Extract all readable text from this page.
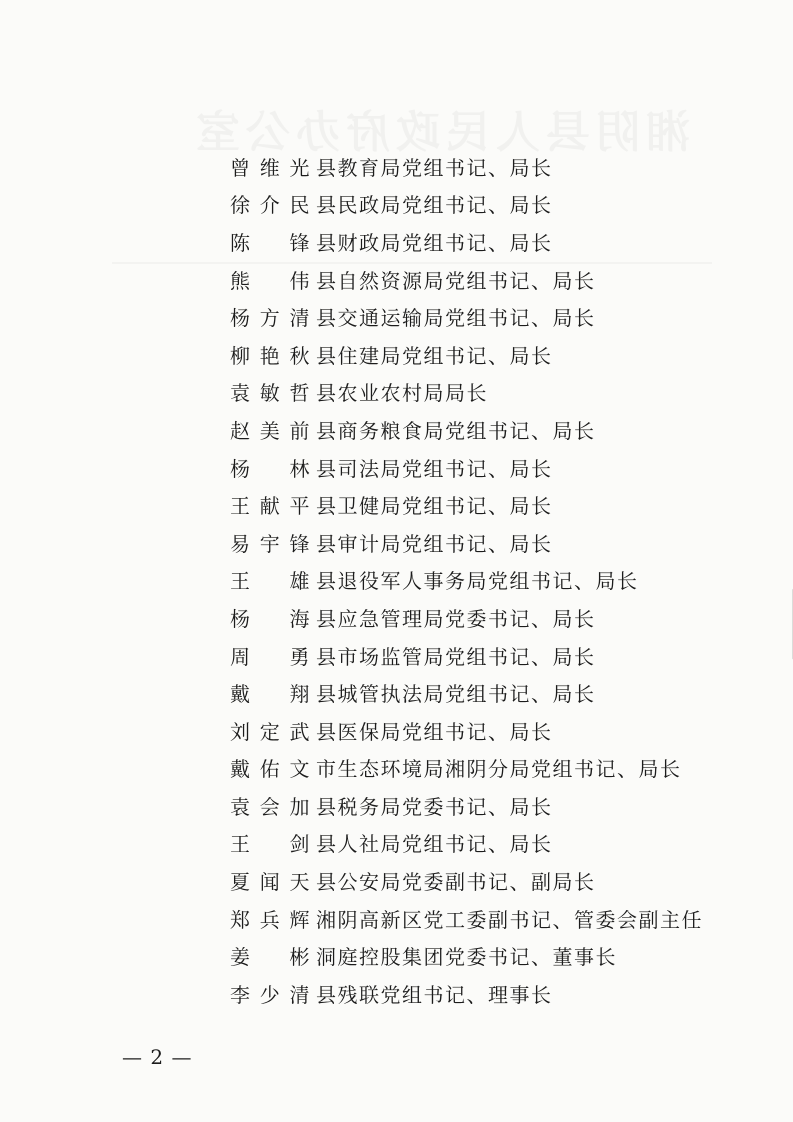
曾维光 县教育局党组书记、局长
徐介民 县民政局党组书记、局长
陈锋 县财政局党组书记、局长
熊伟 县自然资源局党组书记、局长
杨方清 县交通运输局党组书记、局长
柳艳秋 县住建局党组书记、局长
袁敏哲 县农业农村局局长
赵美前 县商务粮食局党组书记、局长
杨林 县司法局党组书记、局长
王献平 县卫健局党组书记、局长
易宇锋 县审计局党组书记、局长
王雄 县退役军人事务局党组书记、局长
杨海 县应急管理局党委书记、局长
周勇 县市场监管局党组书记、局长
戴翔 县城管执法局党组书记、局长
刘定武 县医保局党组书记、局长
戴佑文 市生态环境局湘阴分局党组书记、局长
袁会加 县税务局党委书记、局长
王剑 县人社局党组书记、局长
夏闻天 县公安局党委副书记、副局长
郑兵辉 湘阴高新区党工委副书记、管委会副主任
姜彬 洞庭控股集团党委书记、董事长
李少清 县残联党组书记、理事长
— 2 —
